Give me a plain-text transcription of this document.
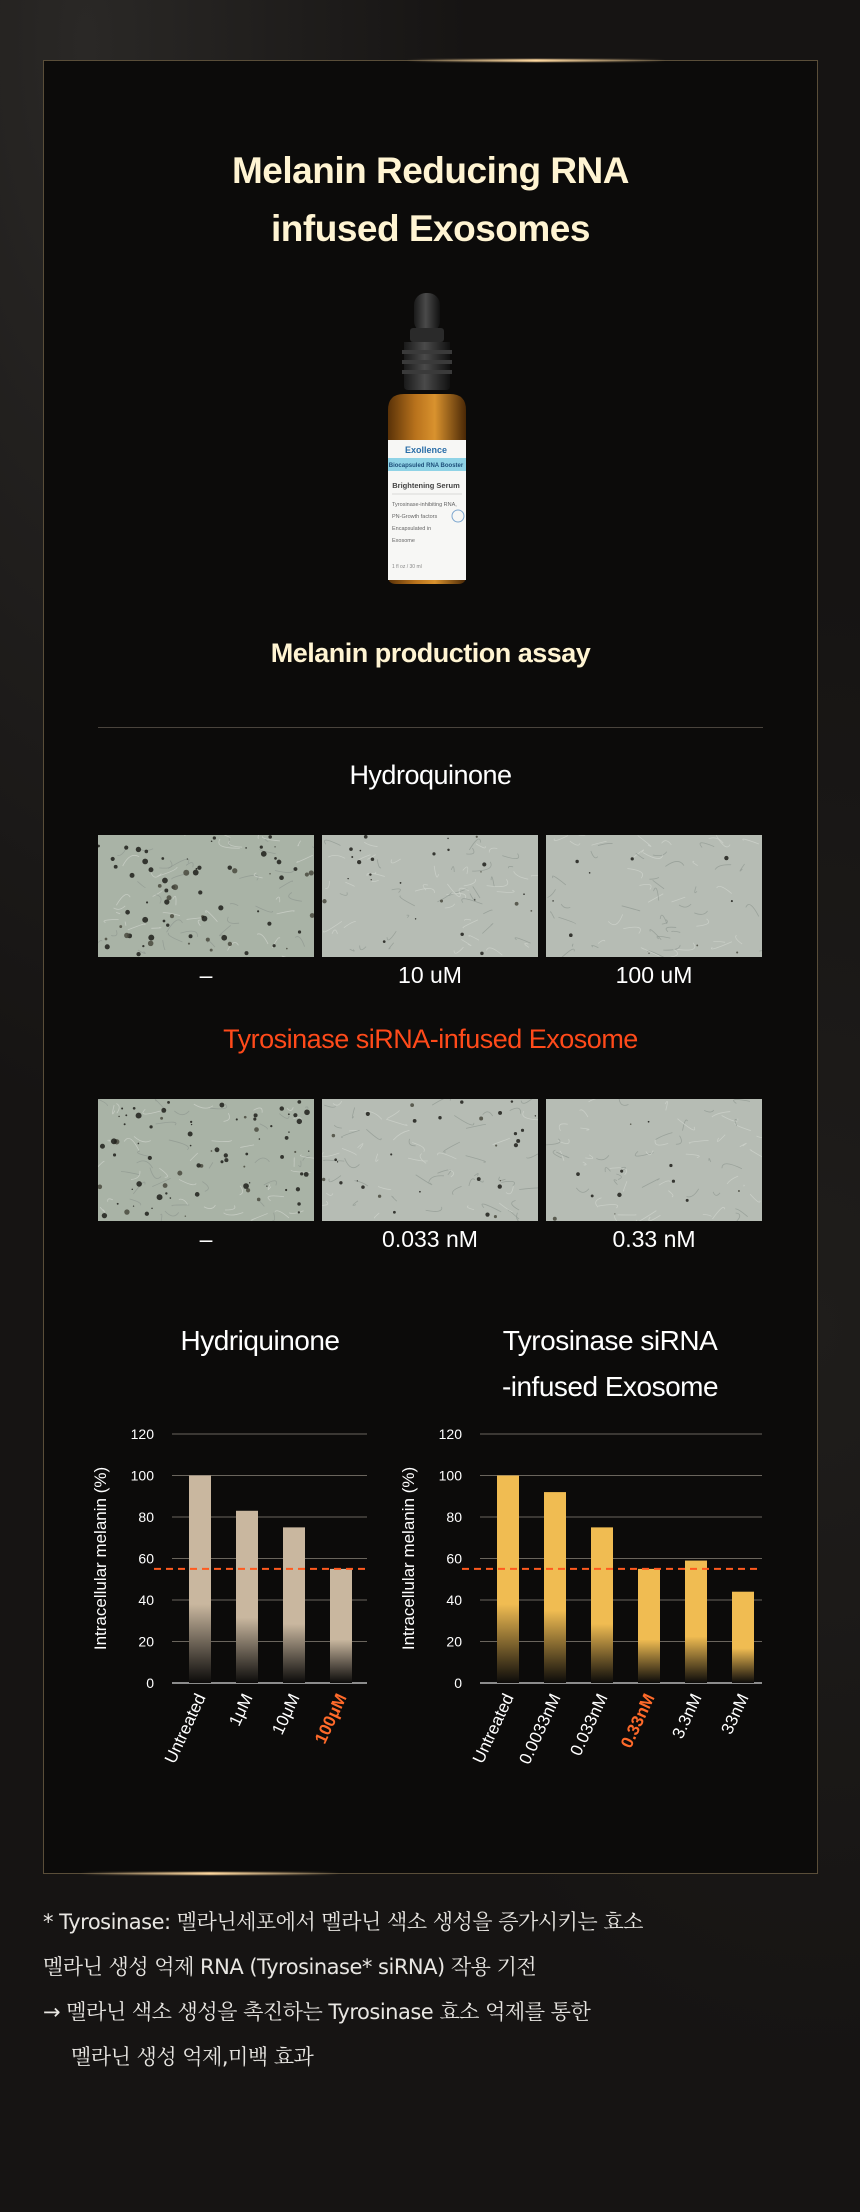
Melanin Reducing RNA
infused Exosomes
Exollence
Biocapsuled RNA Booster
Brightening Serum
Tyrosinase-inhibiting RNA,
PN-Growth factors
Encapsulated in
Exosome
1 fl oz / 30 ml
Melanin production assay
Hydroquinone
–	10 uM	100 uM
Tyrosinase siRNA-infused Exosome
–	0.033 nM	0.33 nM
Hydriquinone	Tyrosinase siRNA
-infused Exosome
0
20
40
60
80
100
120
Intracellular melanin (%)
Untreated 1μM 10μM 100μM
0
20
40
60
80
100
120
Intracellular melanin (%)
Untreated
0.0033nM 0.033nM 0.33nM 3.3nM 33nM
* Tyrosinase: 멜라닌세포에서 멜라닌 색소 생성을 증가시키는 효소
멜라닌 생성 억제 RNA (Tyrosinase* siRNA) 작용 기전
→ 멜라닌 색소 생성을 촉진하는 Tyrosinase 효소 억제를 통한
멜라닌 생성 억제,미백 효과
